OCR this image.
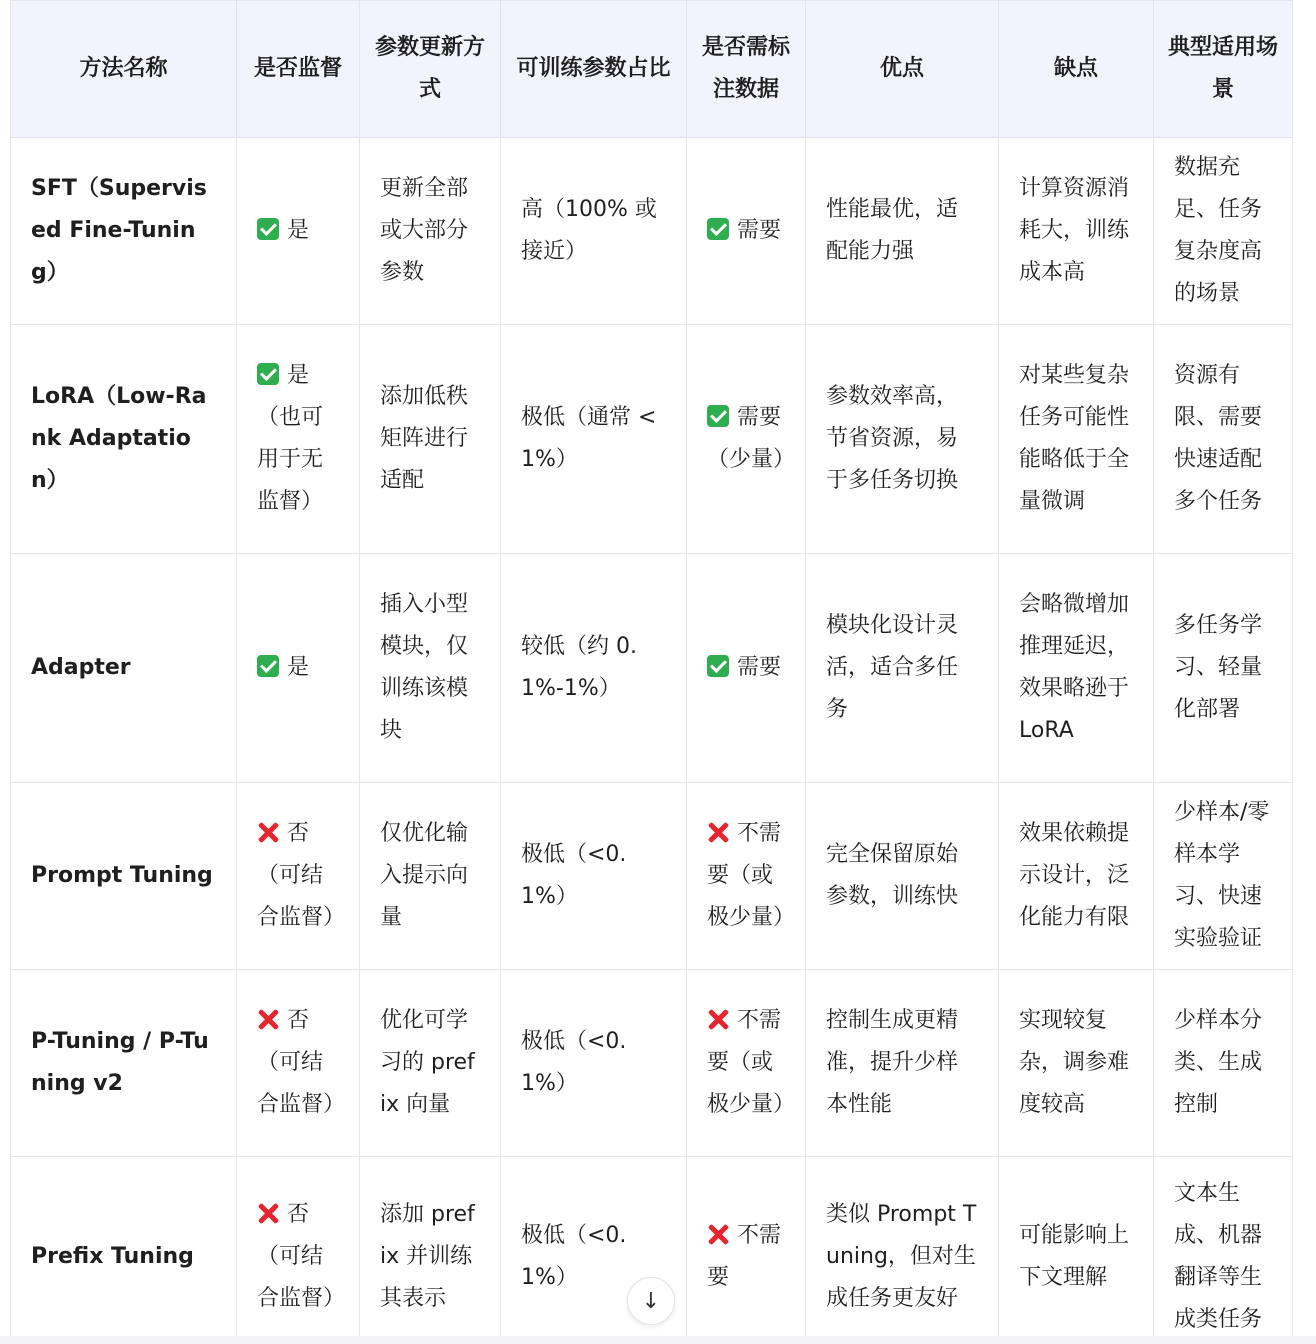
方法名称	是否监督	参数更新方式	可训练参数占比	是否需标注数据	优点	缺点	典型适用场景
SFT（Supervised Fine-Tuning）	是	更新全部或大部分参数	高（100% 或接近）	需要	性能最优，适配能力强	计算资源消耗大，训练成本高	数据充足、任务复杂度高的场景
LoRA（Low-Rank Adaptation）	是（也可用于无监督）	添加低秩矩阵进行适配	极低（通常 <1%）	需要（少量）	参数效率高，节省资源，易于多任务切换	对某些复杂任务可能性能略低于全量微调	资源有限、需要快速适配多个任务
Adapter	是	插入小型模块，仅训练该模块	较低（约 0.1%-1%）	需要	模块化设计灵活，适合多任务	会略微增加推理延迟，效果略逊于 LoRA	多任务学习、轻量化部署
Prompt Tuning	否（可结合监督）	仅优化输入提示向量	极低（<0.1%）	不需要（或极少量）	完全保留原始参数，训练快	效果依赖提示设计，泛化能力有限	少样本/零样本学习、快速实验验证
P-Tuning / P-Tuning v2	否（可结合监督）	优化可学习的 prefix 向量	极低（<0.1%）	不需要（或极少量）	控制生成更精准，提升少样本性能	实现较复杂，调参难度较高	少样本分类、生成控制
Prefix Tuning	否（可结合监督）	添加 prefix 并训练其表示	极低（<0.1%）	不需要	类似 Prompt Tuning，但对生成任务更友好	可能影响上下文理解	文本生成、机器翻译等生成类任务
↓
